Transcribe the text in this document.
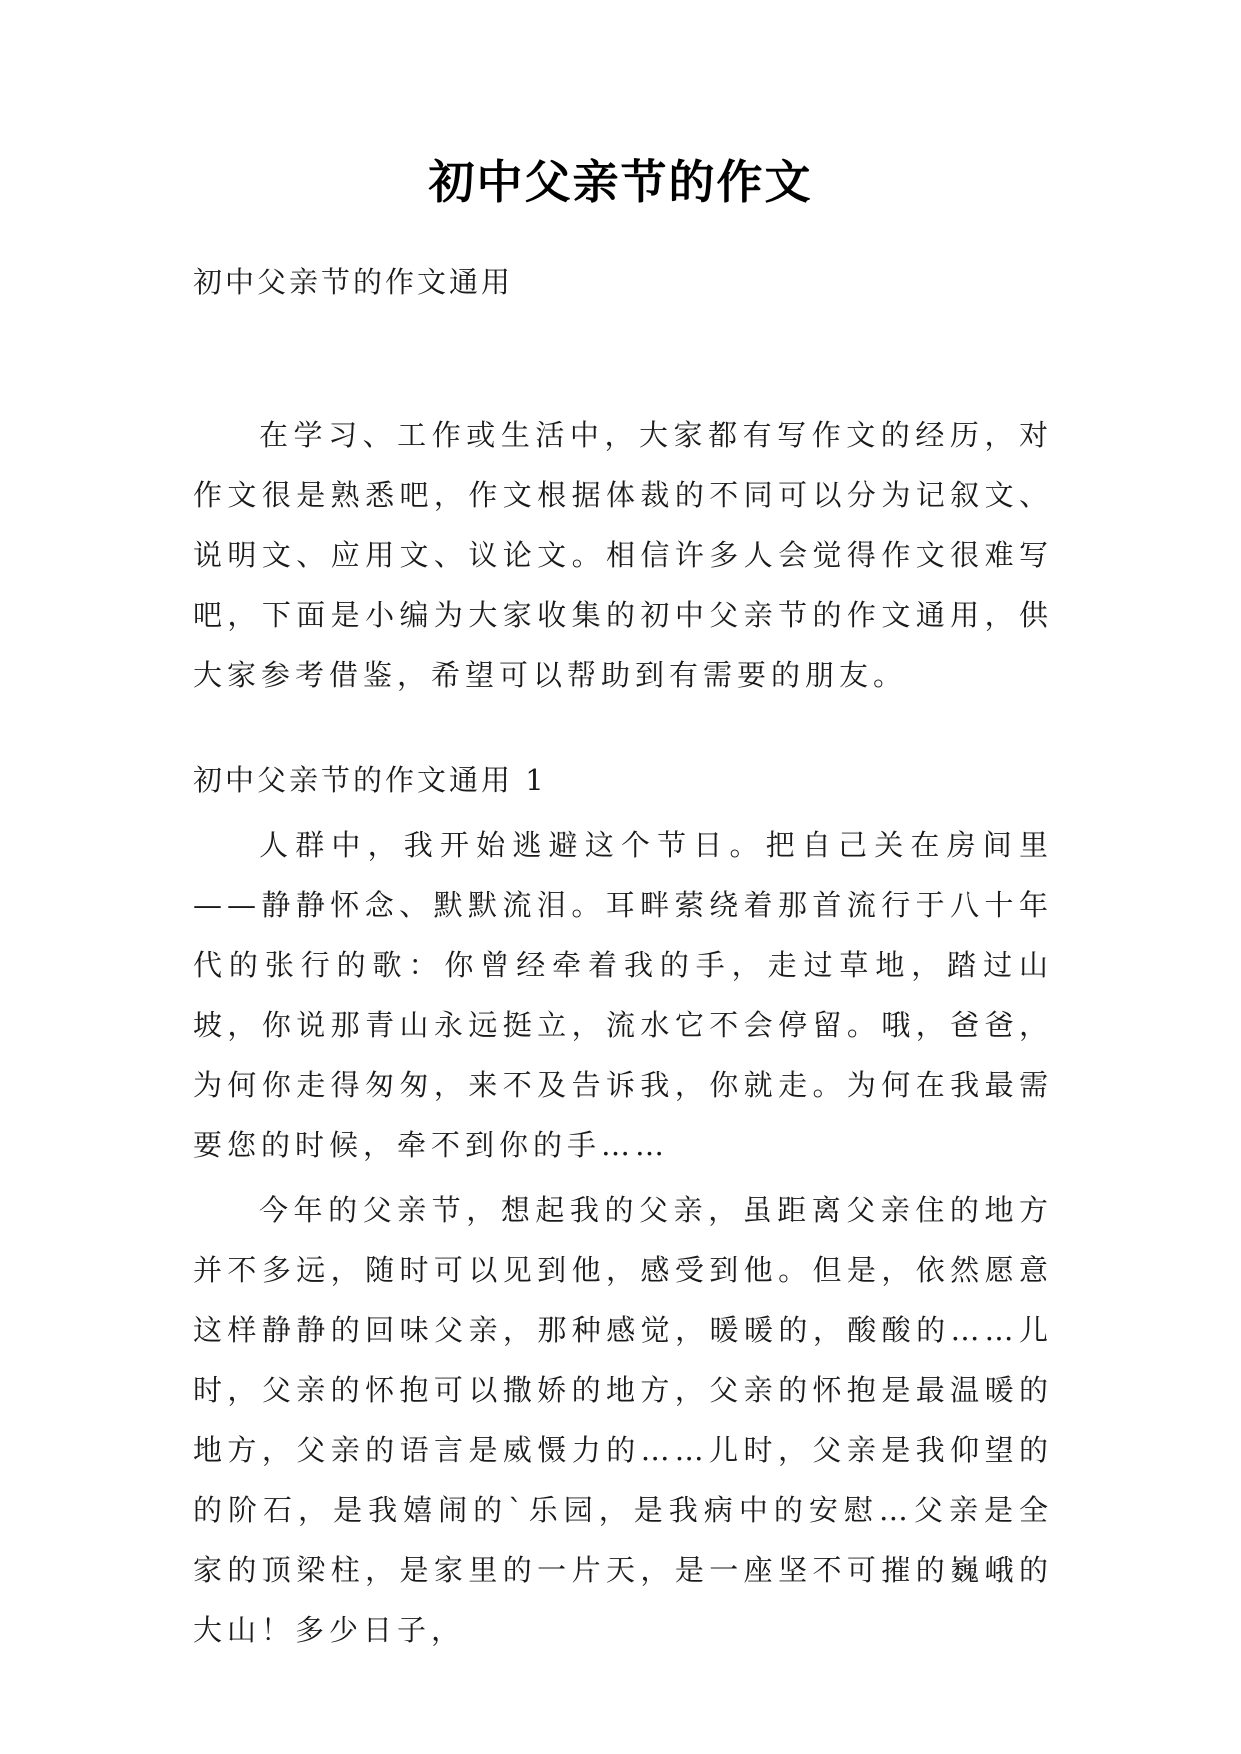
初中父亲节的作文
初中父亲节的作文通用
在学习、工作或生活中，大家都有写作文的经历，对作文很是熟悉吧，作文根据体裁的不同可以分为记叙文、说明文、应用文、议论文。相信许多人会觉得作文很难写吧，下面是小编为大家收集的初中父亲节的作文通用，供大家参考借鉴，希望可以帮助到有需要的朋友。
初中父亲节的作文通用 1

人群中，我开始逃避这个节日。把自己关在房间里——静静怀念、默默流泪。耳畔萦绕着那首流行于八十年代的张行的歌：你曾经牵着我的手，走过草地，踏过山坡，你说那青山永远挺立，流水它不会停留。哦，爸爸，为何你走得匆匆，来不及告诉我，你就走。为何在我最需要您的时候，牵不到你的手……

今年的父亲节，想起我的父亲，虽距离父亲住的地方并不多远，随时可以见到他，感受到他。但是，依然愿意这样静静的回味父亲，那种感觉，暖暖的，酸酸的……儿时，父亲的怀抱可以撒娇的地方，父亲的怀抱是最温暖的地方，父亲的语言是威慑力的……儿时，父亲是我仰望的的阶石，是我嬉闹的`乐园，是我病中的安慰…父亲是全家的顶梁柱，是家里的一片天，是一座坚不可摧的巍峨的大山！多少日子，
